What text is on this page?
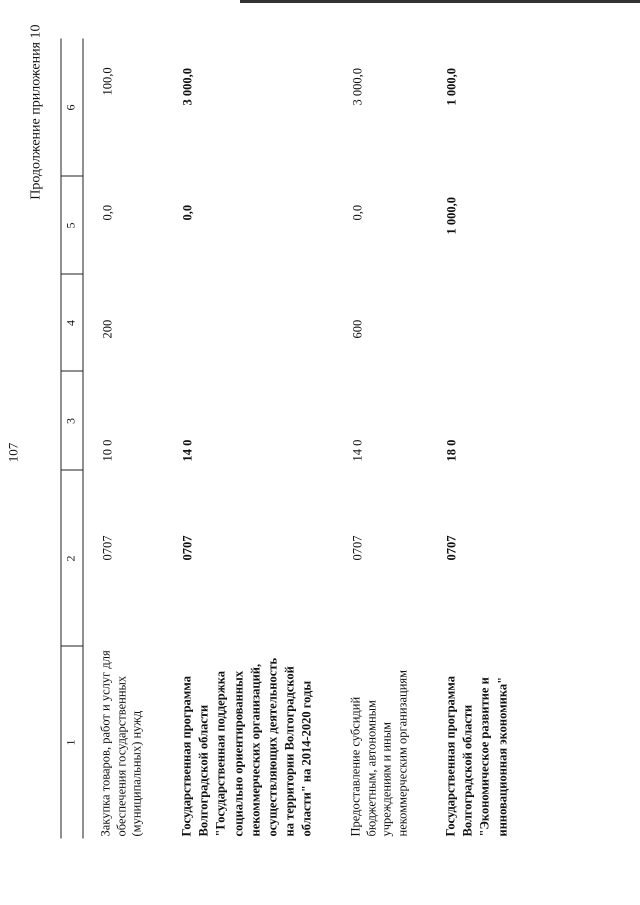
107
Продолжение приложения 10
1
2
3
4
5
6
Закупка товаров, работ и услуг для обеспечения государственных (муниципальных) нужд
0707
10 0
200
0,0
100,0
Государственная программа Волгоградской области "Государственная поддержка социально ориентированных некоммерческих организаций, осуществляющих деятельность на территории Волгоградской области" на 2014-2020 годы
0707
14 0
0,0
3 000,0
Предоставление субсидий бюджетным, автономным учреждениям и иным некоммерческим организациям
0707
14 0
600
0,0
3 000,0
Государственная программа Волгоградской области "Экономическое развитие и инновационная экономика"
0707
18 0
1 000,0
1 000,0
